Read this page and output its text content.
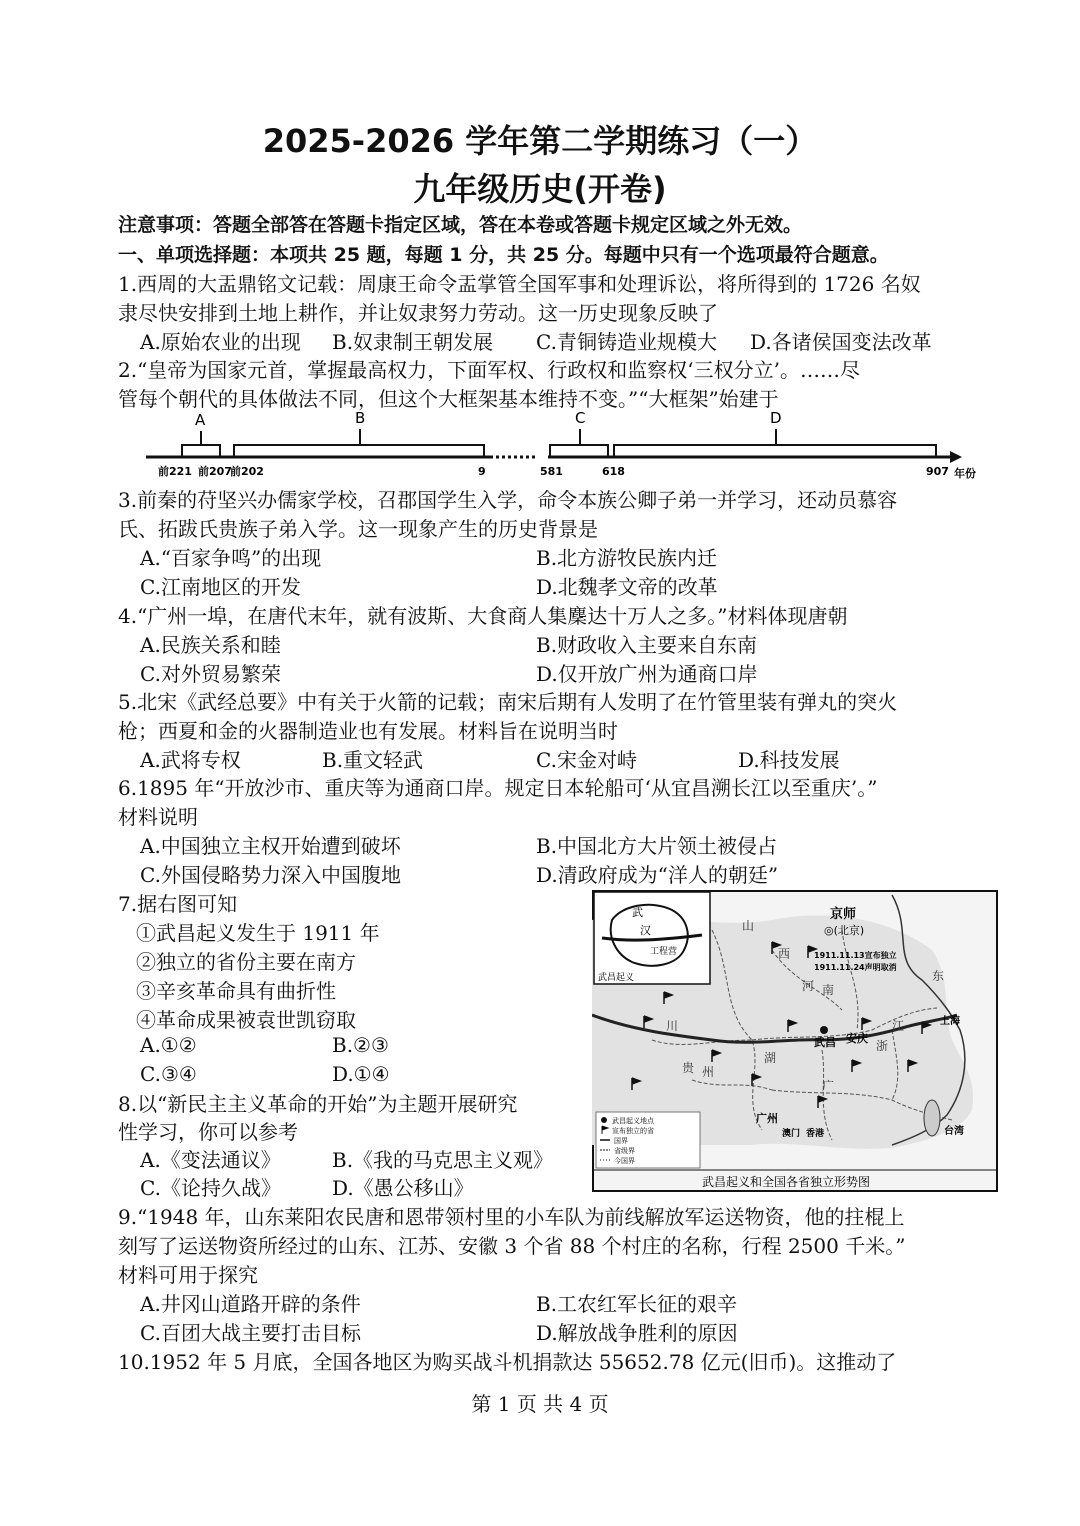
2025-2026 学年第二学期练习（一）
九年级历史(开卷)
注意事项：答题全部答在答题卡指定区域，答在本卷或答题卡规定区域之外无效。
一、单项选择题：本项共 25 题，每题 1 分，共 25 分。每题中只有一个选项最符合题意。
1.西周的大盂鼎铭文记载：周康王命令盂掌管全国军事和处理诉讼，将所得到的 1726 名奴
隶尽快安排到土地上耕作，并让奴隶努力劳动。这一历史现象反映了
A.原始农业的出现 B.奴隶制王朝发展 C.青铜铸造业规模大 D.各诸侯国变法改革
2.“皇帝为国家元首，掌握最高权力，下面军权、行政权和监察权‘三权分立’。……尽
管每个朝代的具体做法不同，但这个大框架基本维持不变。”“大框架”始建于
A	B	C	D
前221 前207
前202	9	581	618	907 年份
3.前秦的苻坚兴办儒家学校，召郡国学生入学，命令本族公卿子弟一并学习，还动员慕容
氏、拓跋氏贵族子弟入学。这一现象产生的历史背景是
A.“百家争鸣”的出现	B.北方游牧民族内迁
C.江南地区的开发	D.北魏孝文帝的改革
4.“广州一埠，在唐代末年，就有波斯、大食商人集麇达十万人之多。”材料体现唐朝
A.民族关系和睦	B.财政收入主要来自东南
C.对外贸易繁荣	D.仅开放广州为通商口岸
5.北宋《武经总要》中有关于火箭的记载；南宋后期有人发明了在竹管里装有弹丸的突火
枪；西夏和金的火器制造业也有发展。材料旨在说明当时
A.武将专权	B.重文轻武	C.宋金对峙	D.科技发展
6.1895 年“开放沙市、重庆等为通商口岸。规定日本轮船可‘从宜昌溯长江以至重庆’。”
材料说明
A.中国独立主权开始遭到破坏	B.中国北方大片领土被侵占
C.外国侵略势力深入中国腹地	D.清政府成为“洋人的朝廷”
7.据右图可知
①武昌起义发生于 1911 年
②独立的省份主要在南方
③辛亥革命具有曲折性
④革命成果被袁世凯窃取
A.①②	B.②③
C.③④	D.①④
武
汉
工程营
武昌起义
京师
◎(北京)
1911.11.13宣布独立
1911.11.24声明取消
川
河 南
西
湖
浙
江
贵 州
东
山
广
武昌 安庆
上海
广州
澳门 香港	台湾
武昌起义地点
宣布独立的省
国界
省级界
今国界
武昌起义和全国各省独立形势图
8.以“新民主主义革命的开始”为主题开展研究
性学习，你可以参考
A.《变法通议》	B.《我的马克思主义观》
C.《论持久战》	D.《愚公移山》
9.“1948 年，山东莱阳农民唐和恩带领村里的小车队为前线解放军运送物资，他的拄棍上
刻写了运送物资所经过的山东、江苏、安徽 3 个省 88 个村庄的名称，行程 2500 千米。”
材料可用于探究
A.井冈山道路开辟的条件	B.工农红军长征的艰辛
C.百团大战主要打击目标	D.解放战争胜利的原因
10.1952 年 5 月底，全国各地区为购买战斗机捐款达 55652.78 亿元(旧币)。这推动了
第 1 页 共 4 页
